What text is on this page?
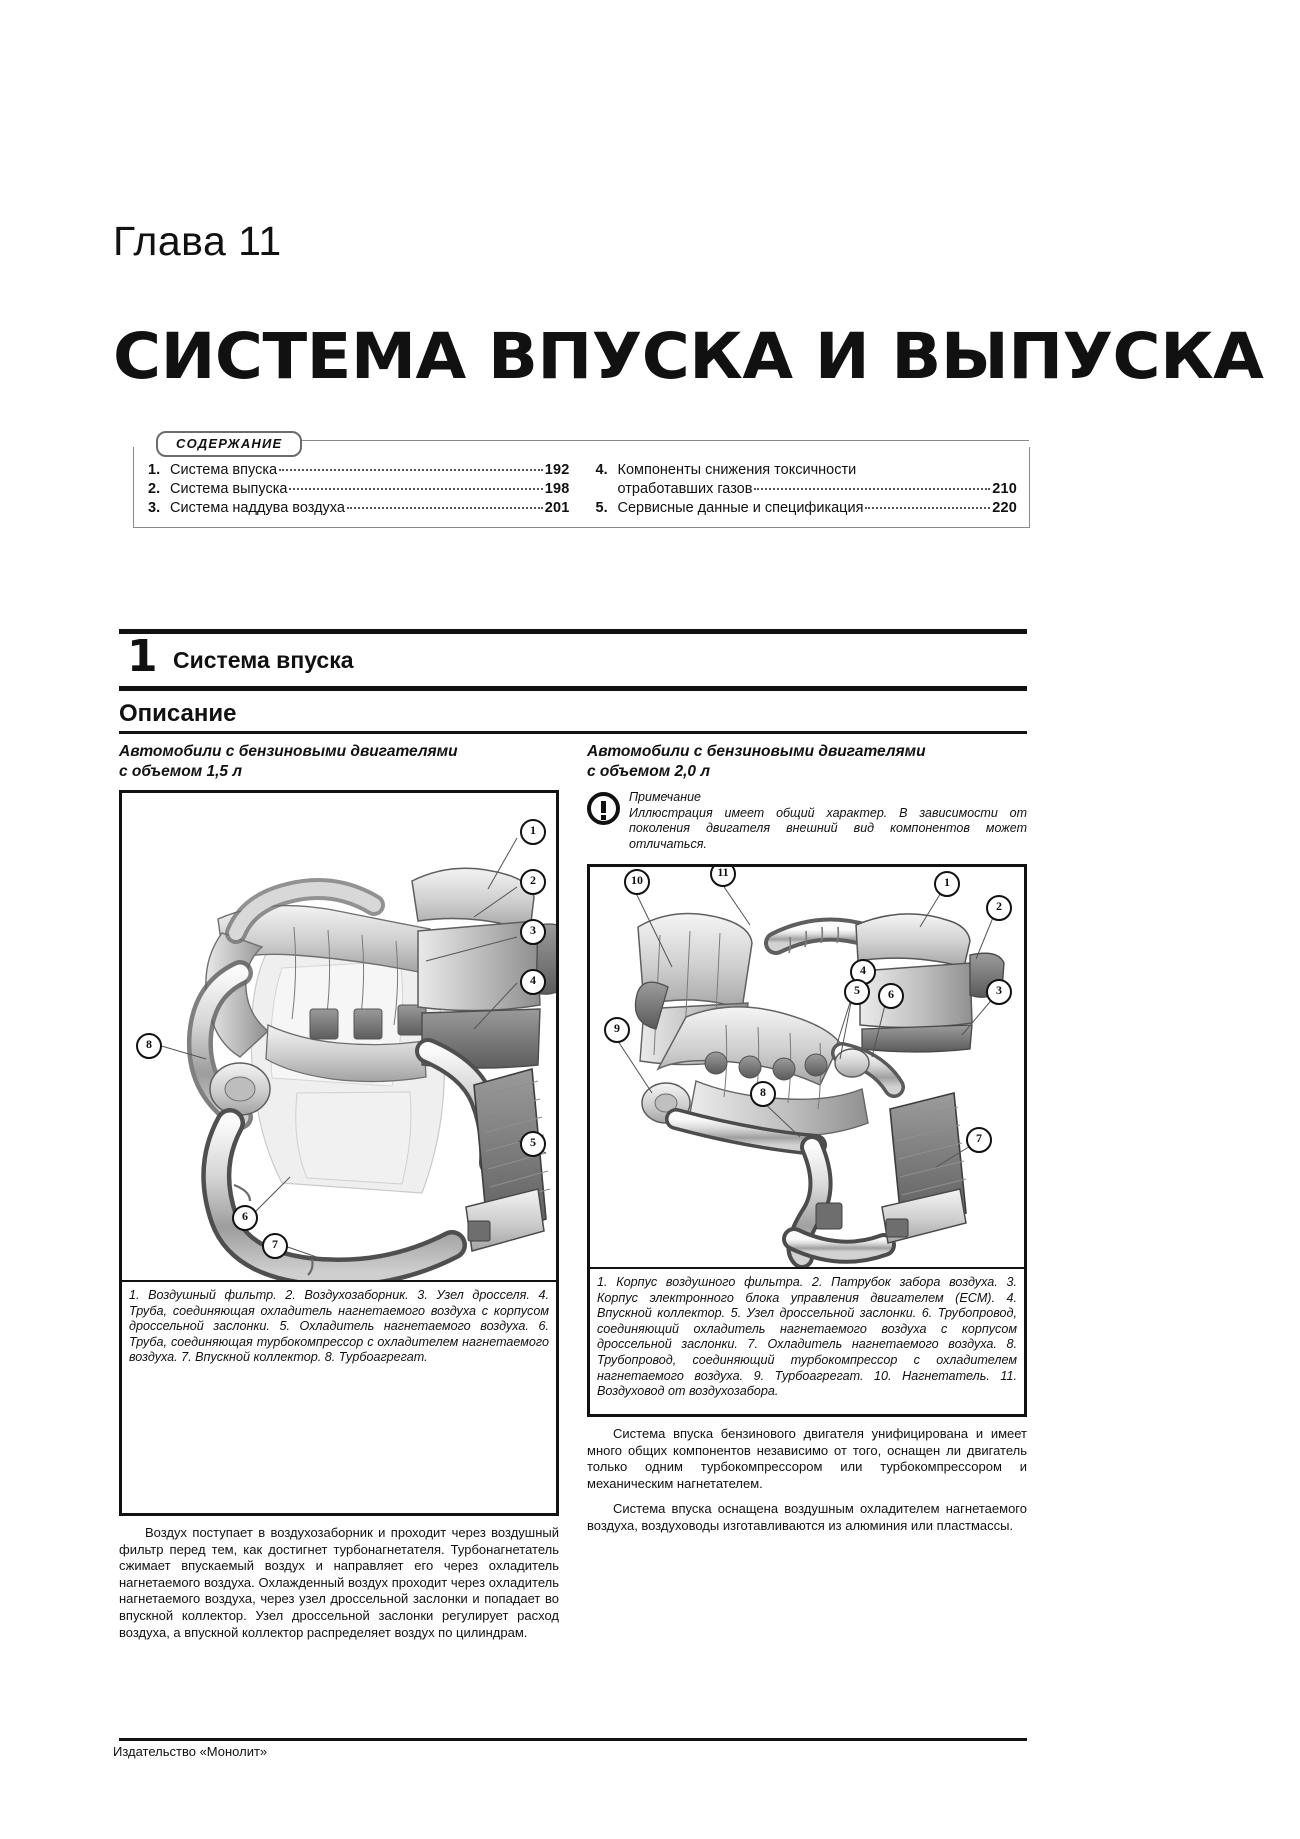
Глава 11
СИСТЕМА ВПУСКА И ВЫПУСКА
СОДЕРЖАНИЕ
1. Система впуска	192
2. Система выпуска	198
3. Система наддува воздуха	201
4. Компоненты снижения токсичности
отработавших газов	210
5. Сервисные данные и спецификация	220
1 Система впуска
Описание
Автомобили с бензиновыми двигателями
с объемом 1,5 л
1
2
3
4
5
6
7
8
1. Воздушный фильтр. 2. Воздухозаборник. 3. Узел дросселя. 4. Труба, соединяющая охладитель нагнетаемого воздуха с корпусом дроссельной заслонки. 5. Охладитель нагнетаемого воздуха. 6. Труба, соединяющая турбокомпрессор с охладителем нагнетаемого воздуха. 7. Впускной коллектор. 8. Турбоагрегат.

Воздух поступает в воздухозаборник и проходит через воздушный фильтр перед тем, как достигнет турбонагнетателя. Турбонагнетатель сжимает впускаемый воздух и направляет его через охладитель нагнетаемого воздуха. Охлажденный воздух проходит через охладитель нагнетаемого воздуха, через узел дроссельной заслонки и попадает во впускной коллектор. Узел дроссельной заслонки регулирует расход воздуха, а впускной коллектор распределяет воздух по цилиндрам.

Автомобили с бензиновыми двигателями
с объемом 2,0 л
Примечание
Иллюстрация имеет общий характер. В зависимости от поколения двигателя внешний вид компонентов может отличаться.
10
11
1
2
3
4
5	6
9
8
7
1. Корпус воздушного фильтра. 2. Патрубок забора воздуха. 3. Корпус электронного блока управления двигателем (ECM). 4. Впускной коллектор. 5. Узел дроссельной заслонки. 6. Трубопровод, соединяющий охладитель нагнетаемого воздуха с корпусом дроссельной заслонки. 7. Охладитель нагнетаемого воздуха. 8. Трубопровод, соединяющий турбокомпрессор с охладителем нагнетаемого воздуха. 9. Турбоагрегат. 10. Нагнетатель. 11. Воздуховод от воздухозабора.

Система впуска бензинового двигателя унифицирована и имеет много общих компонентов независимо от того, оснащен ли двигатель только одним турбокомпрессором или турбокомпрессором и механическим нагнетателем.

Система впуска оснащена воздушным охладителем нагнетаемого воздуха, воздуховоды изготавливаются из алюминия или пластмассы.

Издательство «Монолит»
